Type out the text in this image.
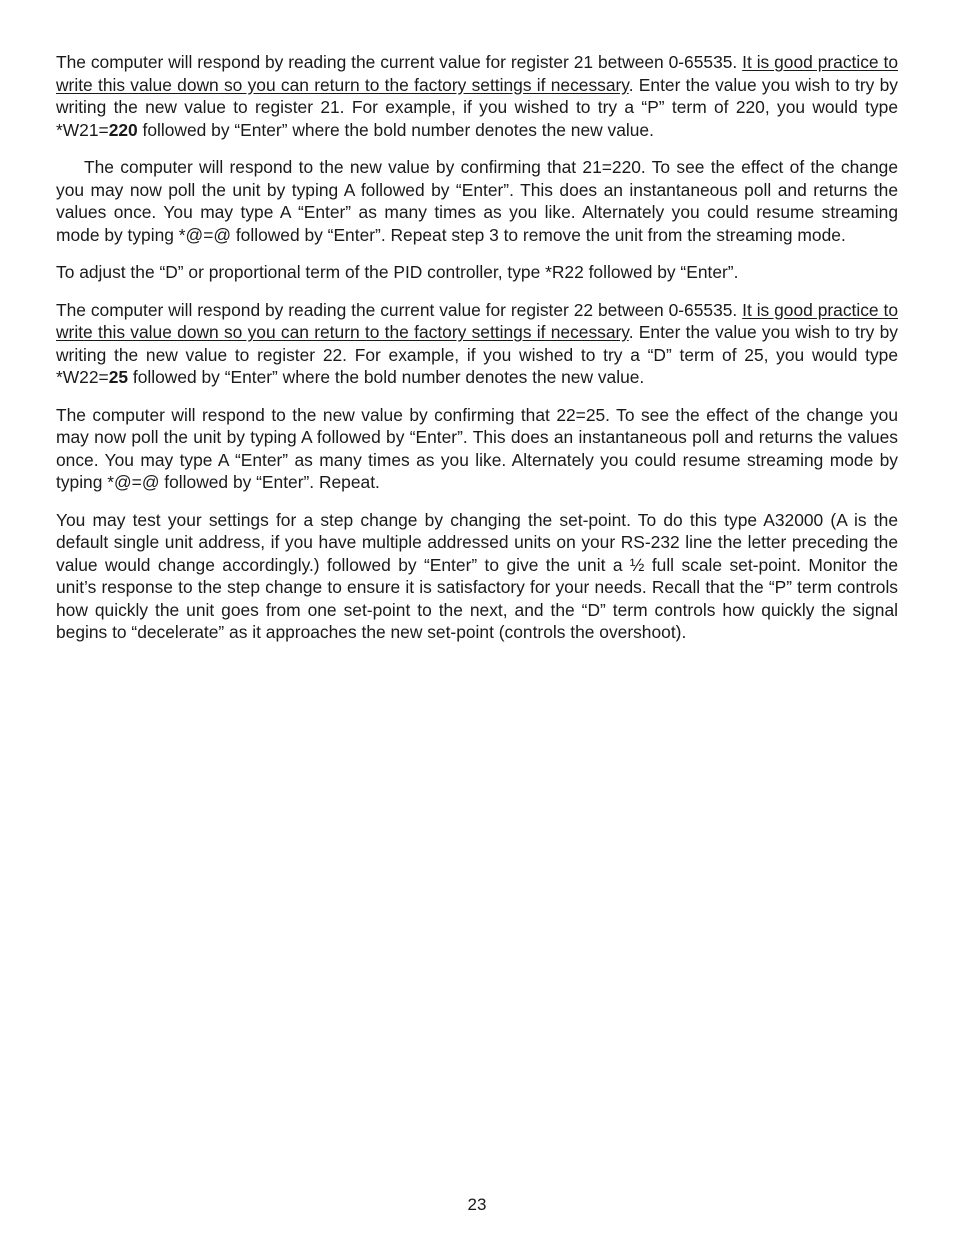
The computer will respond by reading the current value for register 21 between 0-65535. It is good practice to write this value down so you can return to the factory settings if necessary. Enter the value you wish to try by writing the new value to register 21. For example, if you wished to try a “P” term of 220, you would type *W21=220 followed by “Enter” where the bold number denotes the new value.

The computer will respond to the new value by confirming that 21=220. To see the effect of the change you may now poll the unit by typing A followed by “Enter”. This does an instantaneous poll and returns the values once. You may type A “Enter” as many times as you like. Alternately you could resume streaming mode by typing *@=@ followed by “Enter”. Repeat step 3 to remove the unit from the streaming mode.

To adjust the “D” or proportional term of the PID controller, type *R22 followed by “Enter”.

The computer will respond by reading the current value for register 22 between 0-65535. It is good practice to write this value down so you can return to the factory settings if necessary. Enter the value you wish to try by writing the new value to register 22. For example, if you wished to try a “D” term of 25, you would type *W22=25 followed by “Enter” where the bold number denotes the new value.

The computer will respond to the new value by confirming that 22=25. To see the effect of the change you may now poll the unit by typing A followed by “Enter”. This does an instantaneous poll and returns the values once. You may type A “Enter” as many times as you like. Alternately you could resume streaming mode by typing *@=@ followed by “Enter”. Repeat.

You may test your settings for a step change by changing the set-point. To do this type A32000 (A is the default single unit address, if you have multiple addressed units on your RS-232 line the letter preceding the value would change accordingly.) followed by “Enter” to give the unit a ½ full scale set-point. Monitor the unit’s response to the step change to ensure it is satisfactory for your needs. Recall that the “P” term controls how quickly the unit goes from one set-point to the next, and the “D” term controls how quickly the signal begins to “decelerate” as it approaches the new set-point (controls the overshoot).

23
